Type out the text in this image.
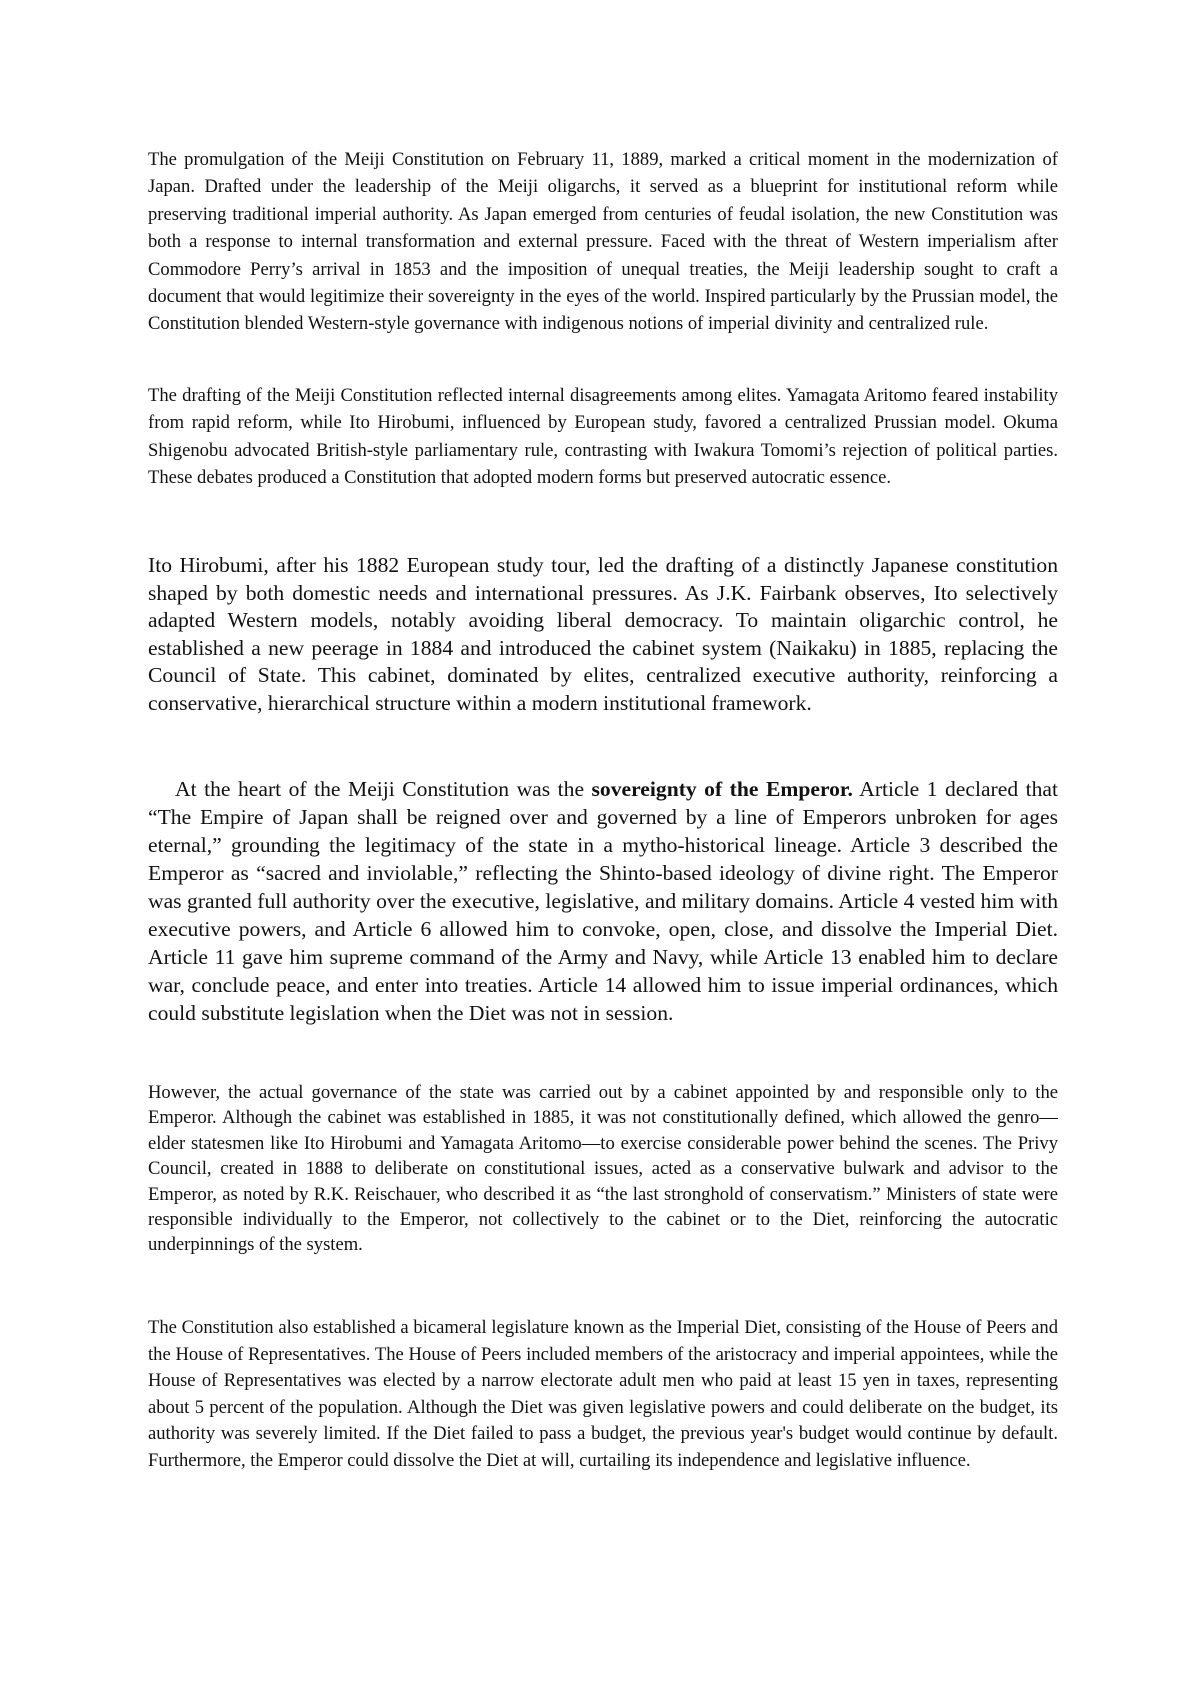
The promulgation of the Meiji Constitution on February 11, 1889, marked a critical moment in the modernization of Japan. Drafted under the leadership of the Meiji oligarchs, it served as a blueprint for institutional reform while preserving traditional imperial authority. As Japan emerged from centuries of feudal isolation, the new Constitution was both a response to internal transformation and external pressure. Faced with the threat of Western imperialism after Commodore Perry’s arrival in 1853 and the imposition of unequal treaties, the Meiji leadership sought to craft a document that would legitimize their sovereignty in the eyes of the world. Inspired particularly by the Prussian model, the Constitution blended Western-style governance with indigenous notions of imperial divinity and centralized rule.

The drafting of the Meiji Constitution reflected internal disagreements among elites. Yamagata Aritomo feared instability from rapid reform, while Ito Hirobumi, influenced by European study, favored a centralized Prussian model. Okuma Shigenobu advocated British-style parliamentary rule, contrasting with Iwakura Tomomi’s rejection of political parties. These debates produced a Constitution that adopted modern forms but preserved autocratic essence.

Ito Hirobumi, after his 1882 European study tour, led the drafting of a distinctly Japanese constitution shaped by both domestic needs and international pressures. As J.K. Fairbank observes, Ito selectively adapted Western models, notably avoiding liberal democracy. To maintain oligarchic control, he established a new peerage in 1884 and introduced the cabinet system (Naikaku) in 1885, replacing the Council of State. This cabinet, dominated by elites, centralized executive authority, reinforcing a conservative, hierarchical structure within a modern institutional framework.

At the heart of the Meiji Constitution was the sovereignty of the Emperor. Article 1 declared that “The Empire of Japan shall be reigned over and governed by a line of Emperors unbroken for ages eternal,” grounding the legitimacy of the state in a mytho-historical lineage. Article 3 described the Emperor as “sacred and inviolable,” reflecting the Shinto-based ideology of divine right. The Emperor was granted full authority over the executive, legislative, and military domains. Article 4 vested him with executive powers, and Article 6 allowed him to convoke, open, close, and dissolve the Imperial Diet. Article 11 gave him supreme command of the Army and Navy, while Article 13 enabled him to declare war, conclude peace, and enter into treaties. Article 14 allowed him to issue imperial ordinances, which could substitute legislation when the Diet was not in session.

However, the actual governance of the state was carried out by a cabinet appointed by and responsible only to the Emperor. Although the cabinet was established in 1885, it was not constitutionally defined, which allowed the genro—elder statesmen like Ito Hirobumi and Yamagata Aritomo—to exercise considerable power behind the scenes. The Privy Council, created in 1888 to deliberate on constitutional issues, acted as a conservative bulwark and advisor to the Emperor, as noted by R.K. Reischauer, who described it as “the last stronghold of conservatism.” Ministers of state were responsible individually to the Emperor, not collectively to the cabinet or to the Diet, reinforcing the autocratic underpinnings of the system.

The Constitution also established a bicameral legislature known as the Imperial Diet, consisting of the House of Peers and the House of Representatives. The House of Peers included members of the aristocracy and imperial appointees, while the House of Representatives was elected by a narrow electorate adult men who paid at least 15 yen in taxes, representing about 5 percent of the population. Although the Diet was given legislative powers and could deliberate on the budget, its authority was severely limited. If the Diet failed to pass a budget, the previous year's budget would continue by default. Furthermore, the Emperor could dissolve the Diet at will, curtailing its independence and legislative influence.
